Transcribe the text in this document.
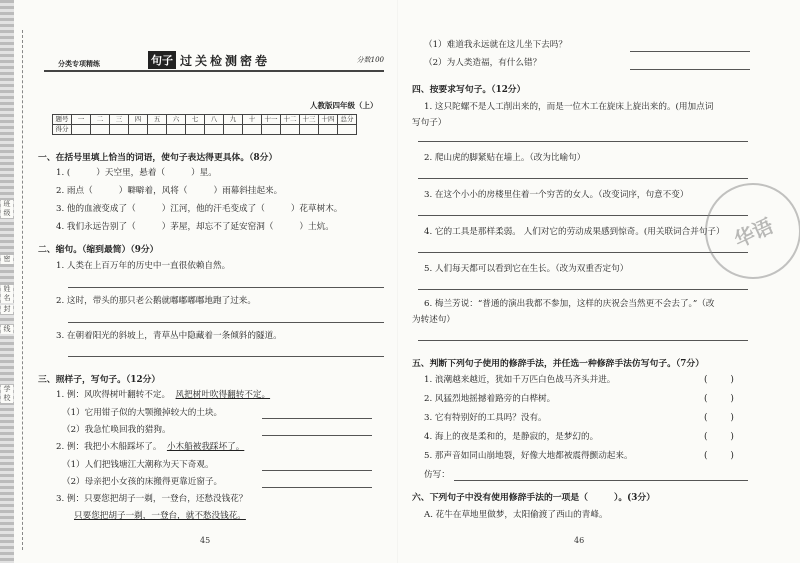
班级
姓名
密
封
线
学校
分类专项精练	句子 过关检测密卷	分数100
人教版四年级（上）
题号	一	二	三	四	五	六	七	八	九	十	十一	十二	十三	十四	总分
得分															
一、在括号里填上恰当的词语，使句子表达得更具体。（8分）
1. (	）天空里，悬着（	）星。
2. 雨点（	）噼噼着，风将（	）雨幕斜挂起来。
3. 他的血液变成了（	）江河，他的汗毛变成了（	）花草树木。
4. 我们永远告别了（	）茅屋，却忘不了延安窑洞（	）土炕。
二、缩句。（缩到最简）（9分）
1. 人类在上百万年的历史中一直很依赖自然。
2. 这时，带头的那只老公鹅就嘟嘟嘟嘟地跑了过来。
3. 在朝着阳光的斜坡上，青草丛中隐藏着一条倾斜的隧道。
三、照样子，写句子。（12分）
1. 例：风吹得树叶翻转不定。 风把树叶吹得翻转不定。
（1）它用钳子似的大颚搬掉较大的土块。
（2）我急忙唤回我的猎狗。
2. 例：我把小木船踩坏了。 小木船被我踩坏了。
（1）人们把钱塘江大潮称为天下奇观。
（2）母亲把小女孩的床搬得更靠近窗子。
3. 例：只要您把胡子一剃，一登台，还愁没钱花？
只要您把胡子一剃，一登台，就不愁没钱花。
45
（1）难道我永远就在这儿坐下去吗？
（2）为人类造福，有什么错？
四、按要求写句子。（12分）
1. 这只陀螺不是人工削出来的，而是一位木工在旋床上旋出来的。(用加点词
写句子）
2. 爬山虎的脚紧贴在墙上。（改为比喻句）
3. 在这个小小的房楼里住着一个穷苦的女人。（改变词序，句意不变）
4. 它的工具是那样柔弱。 人们对它的劳动成果感到惊奇。(用关联词合并句子）
5. 人们每天都可以看到它在生长。（改为双重否定句）
6. 梅兰芳说：“普通的演出我都不参加，这样的庆祝会当然更不会去了。”（改
为转述句）
五、判断下列句子使用的修辞手法，并任选一种修辞手法仿写句子。（7分）
1. 浪潮越来越近，犹如千万匹白色战马齐头并进。	(        )
2. 风猛烈地摇撼着路旁的白桦树。	(        )
3. 它有特别好的工具吗？没有。	(        )
4. 海上的夜是柔和的，是静寂的，是梦幻的。	(        )
5. 那声音如同山崩地裂，好像大地都被震得颤动起来。	(        )
仿写：
六、下列句子中没有使用修辞手法的一项是（	）。(3分）
A. 花牛在草地里做梦，太阳偷渡了西山的青峰。
46
华语
